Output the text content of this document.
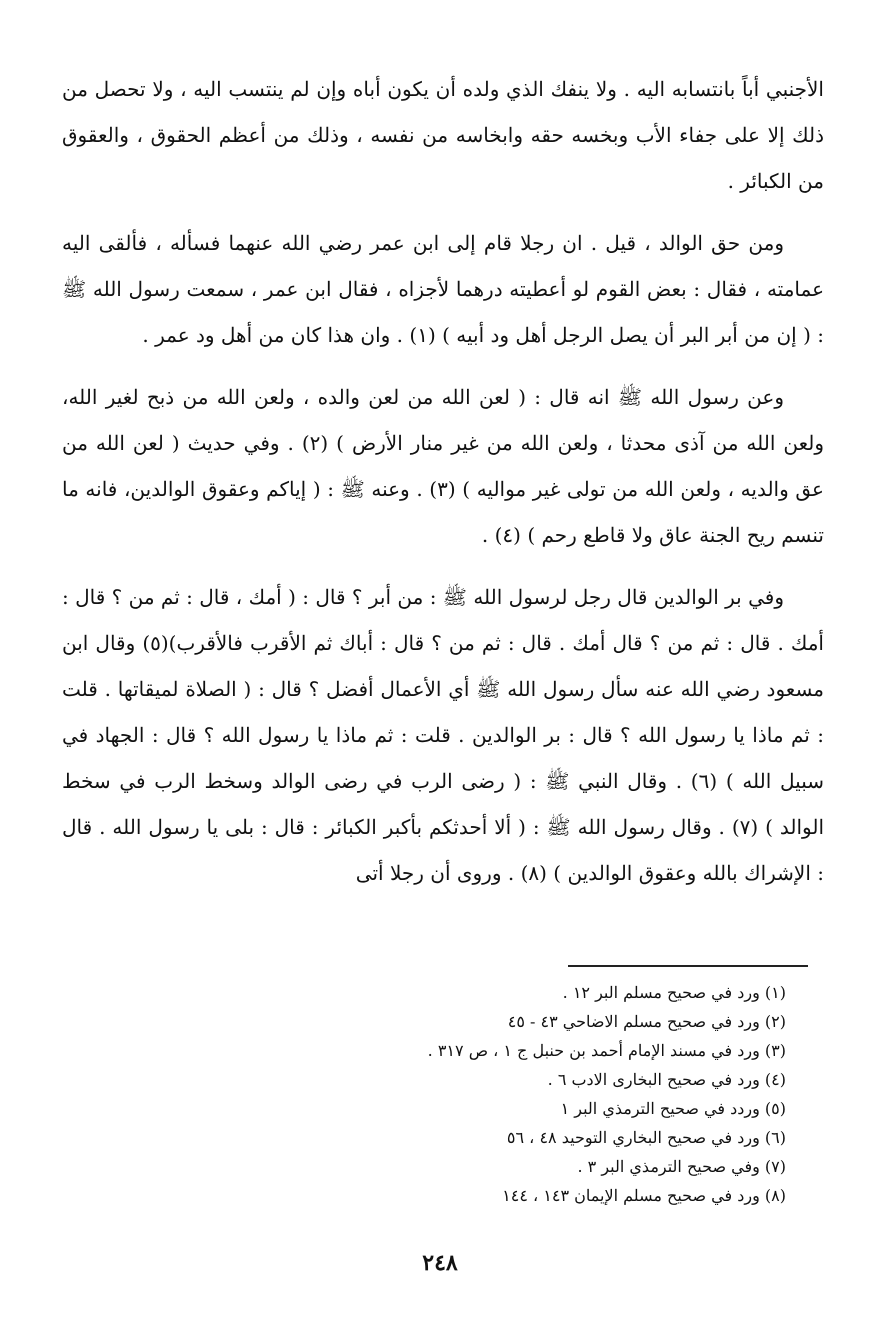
الأجنبي أباً بانتسابه اليه . ولا ينفك الذي ولده أن يكون أباه وإن لم ينتسب اليه ، ولا تحصل من ذلك إلا على جفاء الأب وبخسه حقه وابخاسه من نفسه ، وذلك من أعظم الحقوق ، والعقوق من الكبائر .

ومن حق الوالد ، قيل . ان رجلا قام إلى ابن عمر رضي الله عنهما فسأله ، فألقى اليه عمامته ، فقال : بعض القوم لو أعطيته درهما لأجزاه ، فقال ابن عمر ، سمعت رسول الله ﷺ : ( إن من أبر البر أن يصل الرجل أهل ود أبيه ) (١) . وان هذا كان من أهل ود عمر .

وعن رسول الله ﷺ انه قال : ( لعن الله من لعن والده ، ولعن الله من ذبح لغير الله، ولعن الله من آذى محدثا ، ولعن الله من غير منار الأرض ) (٢) . وفي حديث ( لعن الله من عق والديه ، ولعن الله من تولى غير مواليه ) (٣) . وعنه ﷺ : ( إياكم وعقوق الوالدين، فانه ما تنسم ريح الجنة عاق ولا قاطع رحم ) (٤) .

وفي بر الوالدين قال رجل لرسول الله ﷺ : من أبر ؟ قال : ( أمك ، قال : ثم من ؟ قال : أمك . قال : ثم من ؟ قال أمك . قال : ثم من ؟ قال : أباك ثم الأقرب فالأقرب)(٥) وقال ابن مسعود رضي الله عنه سأل رسول الله ﷺ أي الأعمال أفضل ؟ قال : ( الصلاة لميقاتها . قلت : ثم ماذا يا رسول الله ؟ قال : بر الوالدين . قلت : ثم ماذا يا رسول الله ؟ قال : الجهاد في سبيل الله ) (٦) . وقال النبي ﷺ : ( رضى الرب في رضى الوالد وسخط الرب في سخط الوالد ) (٧) . وقال رسول الله ﷺ : ( ألا أحدثكم بأكبر الكبائر : قال : بلى يا رسول الله . قال : الإشراك بالله وعقوق الوالدين ) (٨) . وروى أن رجلا أتى

(١) ورد في صحيح مسلم البر ١٢ .
(٢) ورد في صحيح مسلم الاضاحي ٤٣ - ٤٥
(٣) ورد في مسند الإمام أحمد بن حنبل ج ١ ، ص ٣١٧ .
(٤) ورد في صحيح البخارى الادب ٦ .
(٥) وردد في صحيح الترمذي البر ١
(٦) ورد في صحيح البخاري التوحيد ٤٨ ، ٥٦
(٧) وفي صحيح الترمذي البر ٣ .
(٨) ورد في صحيح مسلم الإيمان ١٤٣ ، ١٤٤
٢٤٨
